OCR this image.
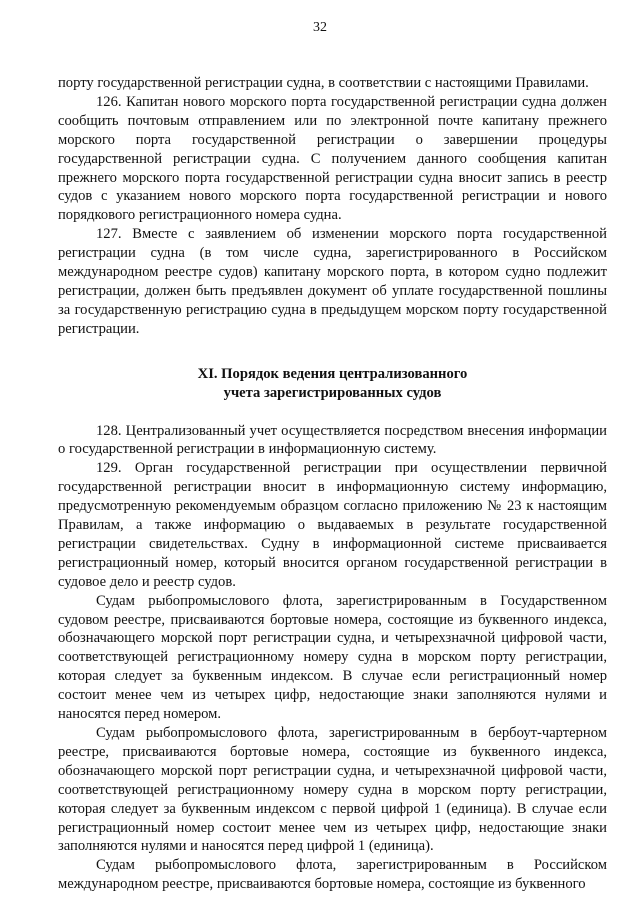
32

порту государственной регистрации судна, в соответствии с настоящими Правилами.

126. Капитан нового морского порта государственной регистрации судна должен сообщить почтовым отправлением или по электронной почте капитану прежнего морского порта государственной регистрации о завершении процедуры государственной регистрации судна. С получением данного сообщения капитан прежнего морского порта государственной регистрации судна вносит запись в реестр судов с указанием нового морского порта государственной регистрации и нового порядкового регистрационного номера судна.

127. Вместе с заявлением об изменении морского порта государственной регистрации судна (в том числе судна, зарегистрированного в Российском международном реестре судов) капитану морского порта, в котором судно подлежит регистрации, должен быть предъявлен документ об уплате государственной пошлины за государственную регистрацию судна в предыдущем морском порту государственной регистрации.

XI. Порядок ведения централизованного
учета зарегистрированных судов

128. Централизованный учет осуществляется посредством внесения информации о государственной регистрации в информационную систему.

129. Орган государственной регистрации при осуществлении первичной государственной регистрации вносит в информационную систему информацию, предусмотренную рекомендуемым образцом согласно приложению № 23 к настоящим Правилам, а также информацию о выдаваемых в результате государственной регистрации свидетельствах. Судну в информационной системе присваивается регистрационный номер, который вносится органом государственной регистрации в судовое дело и реестр судов.

Судам рыбопромыслового флота, зарегистрированным в Государственном судовом реестре, присваиваются бортовые номера, состоящие из буквенного индекса, обозначающего морской порт регистрации судна, и четырехзначной цифровой части, соответствующей регистрационному номеру судна в морском порту регистрации, которая следует за буквенным индексом. В случае если регистрационный номер состоит менее чем из четырех цифр, недостающие знаки заполняются нулями и наносятся перед номером.

Судам рыбопромыслового флота, зарегистрированным в бербоут-чартерном реестре, присваиваются бортовые номера, состоящие из буквенного индекса, обозначающего морской порт регистрации судна, и четырехзначной цифровой части, соответствующей регистрационному номеру судна в морском порту регистрации, которая следует за буквенным индексом с первой цифрой 1 (единица). В случае если регистрационный номер состоит менее чем из четырех цифр, недостающие знаки заполняются нулями и наносятся перед цифрой 1 (единица).

Судам рыбопромыслового флота, зарегистрированным в Российском международном реестре, присваиваются бортовые номера, состоящие из буквенного
